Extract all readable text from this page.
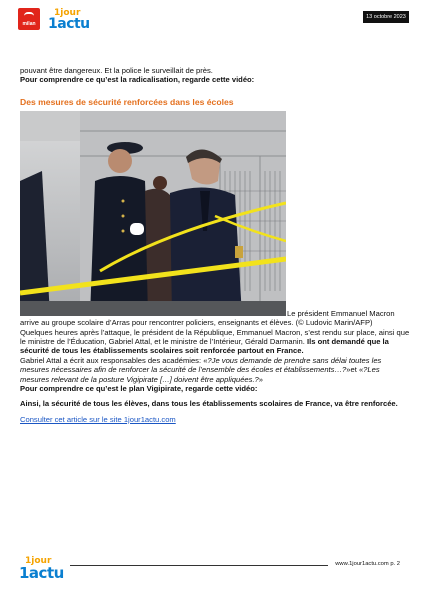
milan
1jour
1actu	13 octobre 2023

pouvant être dangereux. Et la police le surveillait de près.

Pour comprendre ce qu’est la radicalisation, regarde cette vidéo:

Des mesures de sécurité renforcées dans les écoles

Le président Emmanuel Macron

arrive au groupe scolaire d’Arras pour rencontrer policiers, enseignants et élèves. (© Ludovic Marin/AFP)

Quelques heures après l’attaque, le président de la République, Emmanuel Macron, s’est rendu sur place, ainsi que le ministre de l’Éducation, Gabriel Attal, et le ministre de l’Intérieur, Gérald Darmanin. Ils ont demandé que la sécurité de tous les établissements scolaires soit renforcée partout en France.

Gabriel Attal a écrit aux responsables des académies: «?Je vous demande de prendre sans délai toutes les mesures nécessaires afin de renforcer la sécurité de l’ensemble des écoles et établissements…?»et «?Les mesures relevant de la posture Vigipirate […] doivent être appliquées.?»

Pour comprendre ce qu’est le plan Vigipirate, regarde cette vidéo:

Ainsi, la sécurité de tous les élèves, dans tous les établissements scolaires de France, va être renforcée.

Consulter cet article sur le site 1jour1actu.com
1jour
1actu	www.1jour1actu.com p. 2
